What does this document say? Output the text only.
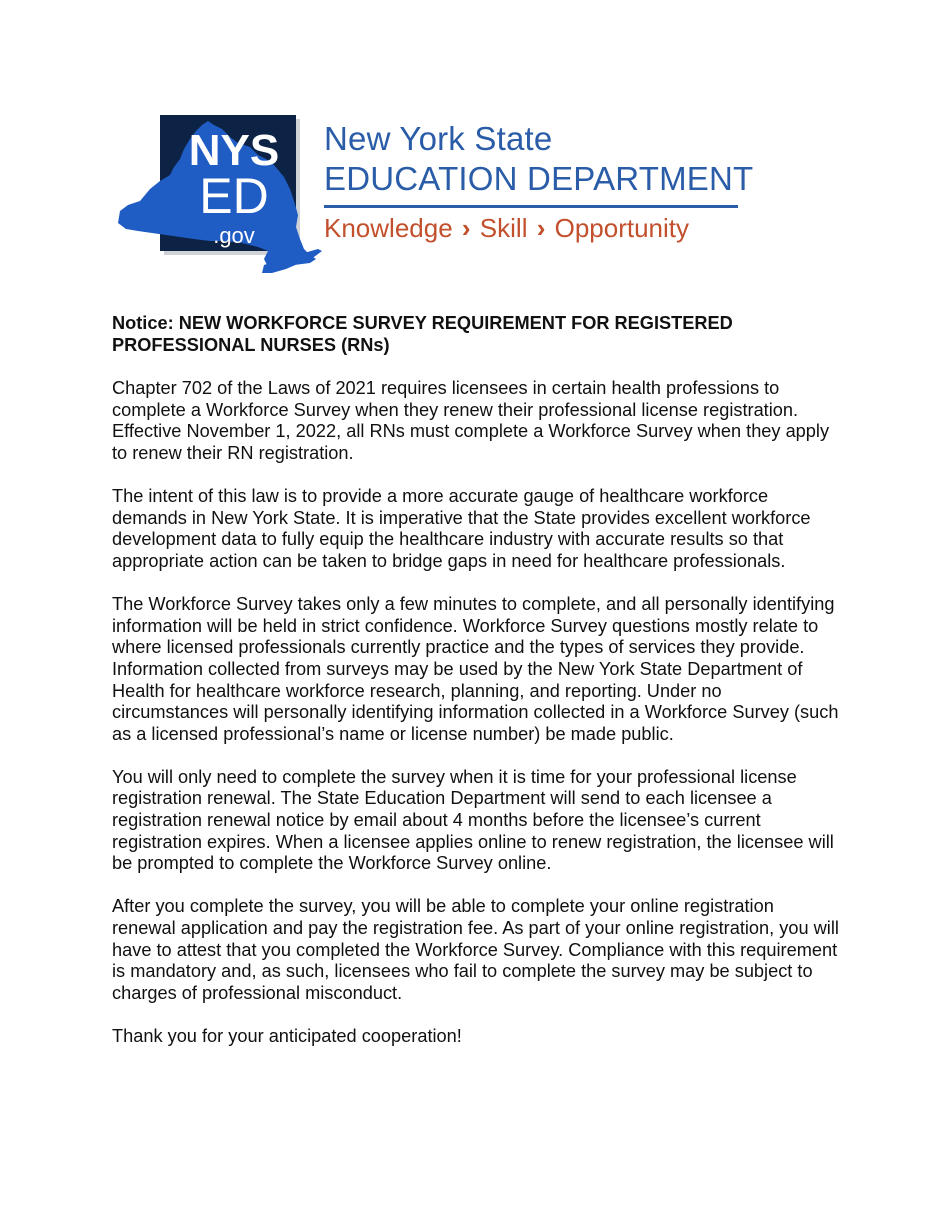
NYS
ED
.gov
New York State
EDUCATION DEPARTMENT
Knowledge › Skill › Opportunity

Notice: NEW WORKFORCE SURVEY REQUIREMENT FOR REGISTERED PROFESSIONAL NURSES (RNs)

Chapter 702 of the Laws of 2021 requires licensees in certain health professions to complete a Workforce Survey when they renew their professional license registration. Effective November 1, 2022, all RNs must complete a Workforce Survey when they apply to renew their RN registration.

The intent of this law is to provide a more accurate gauge of healthcare workforce demands in New York State. It is imperative that the State provides excellent workforce development data to fully equip the healthcare industry with accurate results so that appropriate action can be taken to bridge gaps in need for healthcare professionals.

The Workforce Survey takes only a few minutes to complete, and all personally identifying information will be held in strict confidence. Workforce Survey questions mostly relate to where licensed professionals currently practice and the types of services they provide. Information collected from surveys may be used by the New York State Department of Health for healthcare workforce research, planning, and reporting. Under no circumstances will personally identifying information collected in a Workforce Survey (such as a licensed professional’s name or license number) be made public.

You will only need to complete the survey when it is time for your professional license registration renewal. The State Education Department will send to each licensee a registration renewal notice by email about 4 months before the licensee’s current registration expires. When a licensee applies online to renew registration, the licensee will be prompted to complete the Workforce Survey online.

After you complete the survey, you will be able to complete your online registration renewal application and pay the registration fee. As part of your online registration, you will have to attest that you completed the Workforce Survey. Compliance with this requirement is mandatory and, as such, licensees who fail to complete the survey may be subject to charges of professional misconduct.

Thank you for your anticipated cooperation!
